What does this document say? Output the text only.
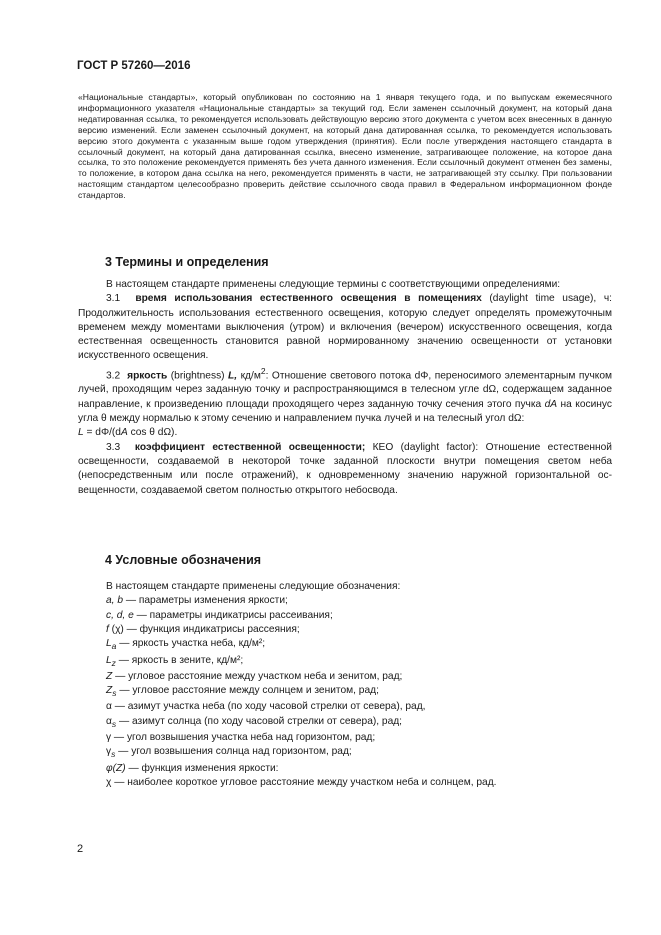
ГОСТ Р 57260—2016

«Национальные стандарты», который опубликован по состоянию на 1 января текущего года, и по выпускам ежемесячного информационного указателя «Национальные стандарты» за текущий год. Если заменен ссылочный документ, на который дана недатированная ссылка, то рекомендуется использовать действующую версию этого документа с учетом всех внесенных в данную версию изменений. Если заменен ссылочный документ, на который дана датированная ссылка, то рекомендуется использовать версию этого документа с указанным выше годом утверждения (принятия). Если после утверждения настоящего стандарта в ссылочный документ, на который дана датированная ссылка, внесено изменение, затрагивающее положение, на которое дана ссылка, то это положение рекомендуется применять без учета данного изменения. Если ссылочный документ отменен без замены, то положение, в котором дана ссылка на него, рекомендуется применять в части, не затрагивающей эту ссылку. При пользовании настоящим стандартом целесообразно проверить действие ссылочного свода правил в Федеральном информационном фонде стандартов.

3 Термины и определения

В настоящем стандарте применены следующие термины с соответствующими определениями:

3.1 время использования естественного освещения в помещениях (daylight time usage), ч: Продолжительность использования естественного освещения, которую следует определять промежуточным временем между моментами выключения (утром) и включения (вечером) искусственного освещения, когда естественная освещенность становится равной нормированному значению освещенности от установки искусственного освещения.

3.2 яркость (brightness) L, $кд/м^2$: Отношение светового потока dΦ, переносимого элементарным пучком лучей, проходящим через заданную точку и распространяющимся в телесном угле dΩ, содержащем заданное направление, к произведению площади проходящего через заданную точку сечения этого пучка dA на косинус угла θ между нормалью к этому сечению и направлением пучка лучей и на телесный угол dΩ:

L = dΦ/(dA cos θ dΩ).

3.3 коэффициент естественной освещенности; КЕО (daylight factor): Отношение естественной освещенности, создаваемой в некоторой точке заданной плоскости внутри помещения светом неба (непосредственным или после отражений), к одновременному значению наружной горизонтальной освещенности, создаваемой светом полностью открытого небосвода.

4 Условные обозначения

В настоящем стандарте применены следующие обозначения:

a, b — параметры изменения яркости;

c, d, e — параметры индикатрисы рассеивания;

f (χ) — функция индикатрисы рассеяния;

$L_a$ — яркость участка неба, кд/м²;

$L_z$ — яркость в зените, кд/м²;

Z — угловое расстояние между участком неба и зенитом, рад;

$Z_s$ — угловое расстояние между солнцем и зенитом, рад;

α — азимут участка неба (по ходу часовой стрелки от севера), рад,

$\alpha_s$ — азимут солнца (по ходу часовой стрелки от севера), рад;

γ — угол возвышения участка неба над горизонтом, рад;

$\gamma_s$ — угол возвышения солнца над горизонтом, рад;

φ(Z) — функция изменения яркости:

χ — наиболее короткое угловое расстояние между участком неба и солнцем, рад.

2
